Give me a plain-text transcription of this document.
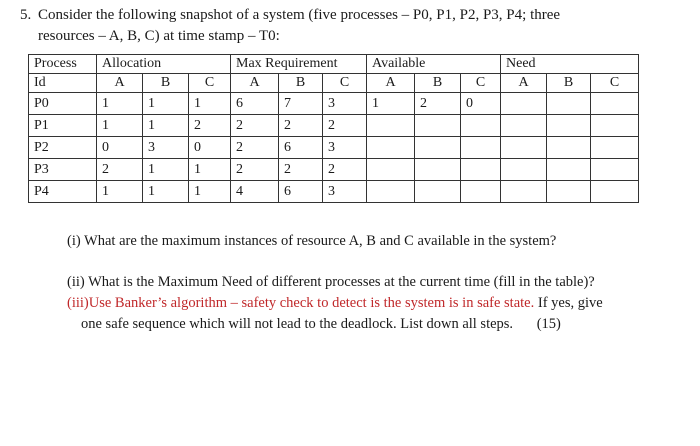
5. Consider the following snapshot of a system (five processes – P0, P1, P2, P3, P4; three
resources – A, B, C) at time stamp – T0:
Process	Allocation			Max Requirement			Available			Need		
Id	A	B	C	A	B	C	A	B	C	A	B	C
P0	1	1	1	6	7	3	1	2	0			
P1	1	1	2	2	2	2						
P2	0	3	0	2	6	3						
P3	2	1	1	2	2	2						
P4	1	1	1	4	6	3						
(i) What are the maximum instances of resource A, B and C available in the system?
(ii) What is the Maximum Need of different processes at the current time (fill in the table)?
(iii)Use Banker’s algorithm – safety check to detect is the system is in safe state. If yes, give
one safe sequence which will not lead to the deadlock. List down all steps. (15)
